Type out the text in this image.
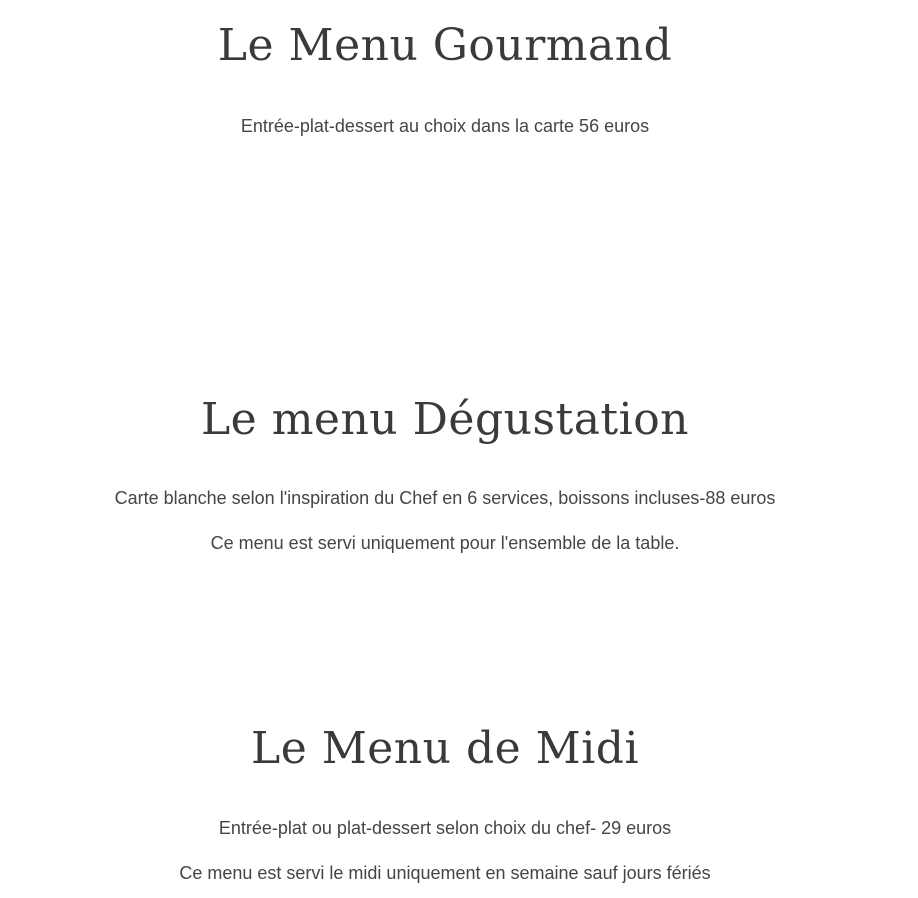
Le Menu Gourmand

Entrée-plat-dessert au choix dans la carte 56 euros

Le menu Dégustation

Carte blanche selon l'inspiration du Chef en 6 services, boissons incluses-88 euros

Ce menu est servi uniquement pour l'ensemble de la table.

Le Menu de Midi

Entrée-plat ou plat-dessert selon choix du chef- 29 euros

Ce menu est servi le midi uniquement en semaine sauf jours fériés
